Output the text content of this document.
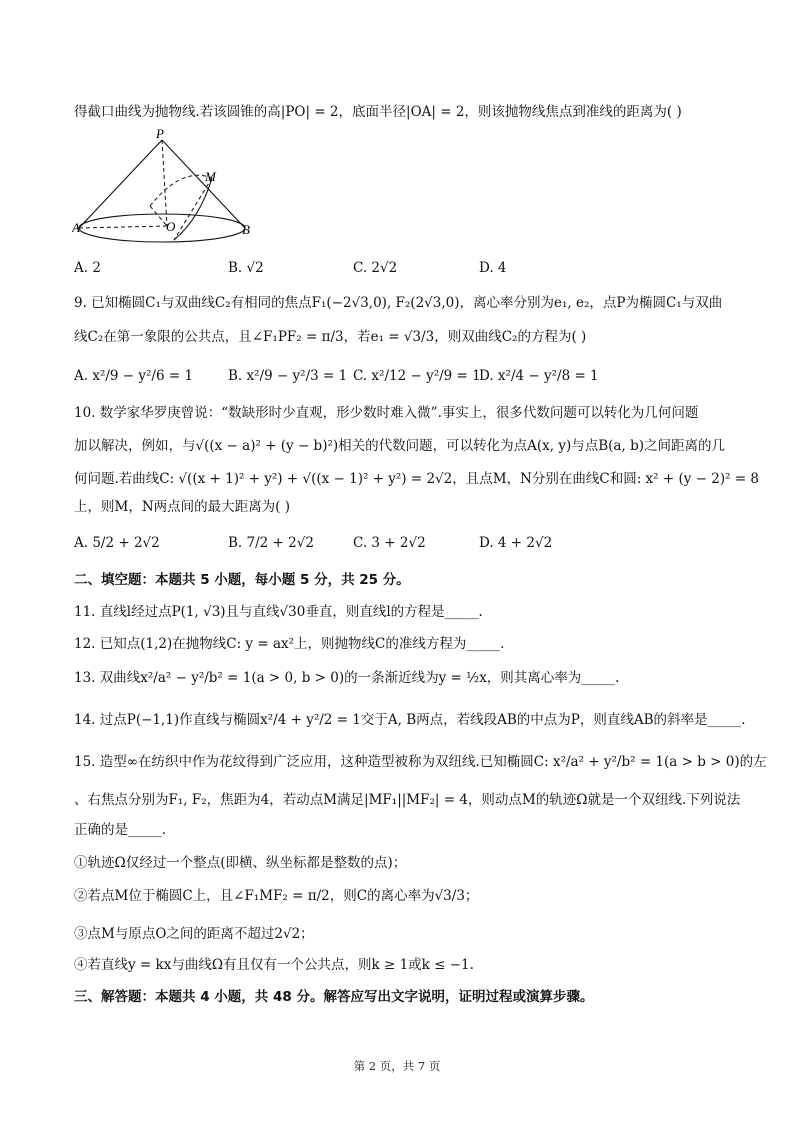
得截口曲线为抛物线.若该圆锥的高|PO| = 2，底面半径|OA| = 2，则该抛物线焦点到准线的距离为( )
P
M
A	O	B
A. 2	B. √2	C. 2√2	D. 4
9. 已知椭圆C₁与双曲线C₂有相同的焦点F₁(−2√3,0), F₂(2√3,0)，离心率分别为e₁, e₂，点P为椭圆C₁与双曲
线C₂在第一象限的公共点，且∠F₁PF₂ = π/3，若e₁ = √3/3，则双曲线C₂的方程为( )
A. x²/9 − y²/6 = 1	B. x²/9 − y²/3 = 1 C. x²/12 − y²/9 = 1
D. x²/4 − y²/8 = 1
10. 数学家华罗庚曾说：“数缺形时少直观，形少数时难入微”.事实上，很多代数问题可以转化为几何问题
加以解决，例如，与√((x − a)² + (y − b)²)相关的代数问题，可以转化为点A(x, y)与点B(a, b)之间距离的几
何问题.若曲线C: √((x + 1)² + y²) + √((x − 1)² + y²) = 2√2，且点M，N分别在曲线C和圆: x² + (y − 2)² = 8
上，则M，N两点间的最大距离为( )
A. 5/2 + 2√2	B. 7/2 + 2√2	C. 3 + 2√2	D. 4 + 2√2
二、填空题：本题共 5 小题，每小题 5 分，共 25 分。
11. 直线l经过点P(1, √3)且与直线√30垂直，则直线l的方程是_____.
12. 已知点(1,2)在抛物线C: y = ax²上，则抛物线C的准线方程为_____.
13. 双曲线x²/a² − y²/b² = 1(a > 0, b > 0)的一条渐近线为y = ½x，则其离心率为_____.
14. 过点P(−1,1)作直线与椭圆x²/4 + y²/2 = 1交于A, B两点，若线段AB的中点为P，则直线AB的斜率是_____.
15. 造型∞在纺织中作为花纹得到广泛应用，这种造型被称为双纽线.已知椭圆C: x²/a² + y²/b² = 1(a > b > 0)的左
、右焦点分别为F₁, F₂，焦距为4，若动点M满足|MF₁||MF₂| = 4，则动点M的轨迹Ω就是一个双纽线.下列说法
正确的是_____.
①轨迹Ω仅经过一个整点(即横、纵坐标都是整数的点)；
②若点M位于椭圆C上，且∠F₁MF₂ = π/2，则C的离心率为√3/3；
③点M与原点O之间的距离不超过2√2；
④若直线y = kx与曲线Ω有且仅有一个公共点，则k ≥ 1或k ≤ −1.
三、解答题：本题共 4 小题，共 48 分。解答应写出文字说明，证明过程或演算步骤。
第 2 页，共 7 页
